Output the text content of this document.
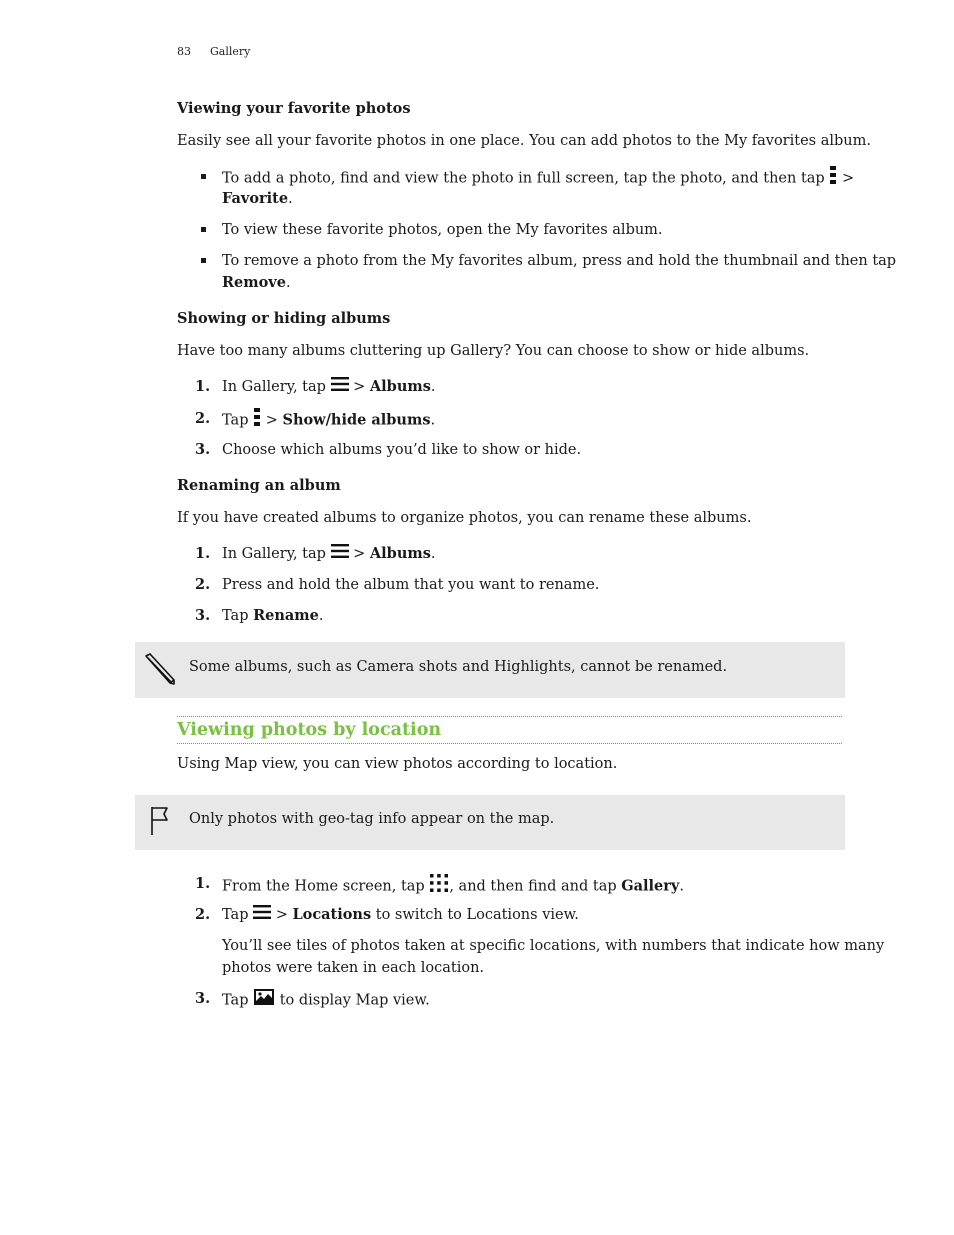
83 Gallery
Viewing your favorite photos
Easily see all your favorite photos in one place. You can add photos to the My favorites album.
To add a photo, find and view the photo in full screen, tap the photo, and then tap >
Favorite.
To view these favorite photos, open the My favorites album.
To remove a photo from the My favorites album, press and hold the thumbnail and then tap
Remove.
Showing or hiding albums
Have too many albums cluttering up Gallery? You can choose to show or hide albums.
1. In Gallery, tap > Albums.
2. Tap > Show/hide albums.
3. Choose which albums you’d like to show or hide.
Renaming an album
If you have created albums to organize photos, you can rename these albums.
1. In Gallery, tap > Albums.
2. Press and hold the album that you want to rename.
3. Tap Rename.
Some albums, such as Camera shots and Highlights, cannot be renamed.
Viewing photos by location
Using Map view, you can view photos according to location.
Only photos with geo-tag info appear on the map.
1. From the Home screen, tap , and then find and tap Gallery.
2. Tap > Locations to switch to Locations view.
You’ll see tiles of photos taken at specific locations, with numbers that indicate how many
photos were taken in each location.
3. Tap to display Map view.
